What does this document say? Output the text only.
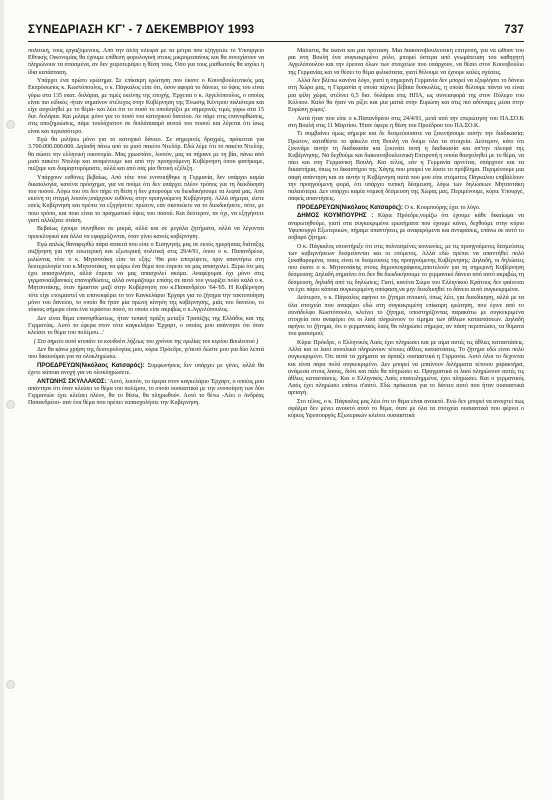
ΣΥΝΕΔΡΙΑΣΗ ΚΓ' - 7 ΔΕΚΕΜΒΡΙΟΥ 1993	737

πολιτική, τους εργαζόμενους. Από την άλλη πλευρά με τα μέτρα που εξήγγειλε το Υπουργείο Εθνικής Οικονομίας θα έχουμε επίθεση φορολογική στους μικρομεσαίους και θα συνεχίσουν να πληρώνουν τα σπασμένα, αν δεν χειροτερέψει η θέση τους. Όσο για τους μισθωτούς θα ισχύει η ίδια κατάσταση.

Υπάρχει ένα πρώτο ερώτημα. Σε επίκαιρη ερώτηση που έκανε ο Κοινοβουλευτικός μας Εκπρόσωπος κ. Κωστόπουλος, ο κ. Πάγκαλος είπε ότι, όσον αφορά το δάνειο, το ύψος του είναι γύρω στα 135 εκατ. δολάρια, με τιμές εκείνης της εποχής. Έρχεται ο κ. Αγγελόπουλος, ο οποίος είναι πιο ειδικός -ήταν σημαίνον στέλεχος στην Κυβέρνηση της Ένωσης Κέντρου παλιότερα και είχε ασχοληθεί με το θέμα- και λέει ότι το ποσό το υπολογίζει με σημερινές τιμές γύρω στα 15 δισ. δολάρια. Και μιλάμε μόνο για το ποσό του κατοχικού δανείου. Αν πάμε στις επανορθώσεις, στις αποζημιώσεις, πάμε τουλάχιστον σε διπλάσιασμό αυτού του ποσού και λέγεται ότι ίσως είναι και περισσότερο.

Εγώ θα μιλήσω μόνο για το κατοχικό δάνειο. Σε σημερινές δραχμές, πρόκειται για 3.700.000.000.000. Δηλαδή πάνω από το μισό πακέτο Ντελόρ. Εδώ λέμε ότι το πακέτο Ντελόρ, θα σώσει την ελληνική οικονομία. Μας χρωστάνε, λοιπόν, μας τα πήρανε με τη βία, πάνω από μισό πακέτο Ντελόρ και αναμένουμε και από την προηγούμενη Κυβέρνηση όπου φανήκαμε, πιέζαμε και διαμαρτυρόμαστε, αλλά και από σας μία θετική εξέλιξη.

Υπάρχουν ευθύνες βεβαίως. Από τότε που ενοποιήθηκε η Γερμανία, δεν υπάρχει καμία δικαιολογία, κανένα πρόσχημα, για να πούμε ότι δεν υπάρχει πλέον τρόπος για τη διεκδίκηση του ποσού. Λόγω του ότι δεν πήρε τη θέση η δεν μπορούμε να διεκδικήσουμε τα λεφτά μας. Από εκείνη τη στιγμή λοιπόν,υπάρχουν ευθύνες στην προηγούμενη Κυβέρνηση. Αλλά σήμερα, είστε εσείς Κυβέρνηση και πρέπει να εξηγήσετε: πρώτον, εάν σκοπεύετε να το διεκδικήσετε, πότε, με ποιο τρόπο, και ποιο είναι το πραγματικό ύψος του ποσού. Και δεύτερον, αν όχι, να εξηγήσετε γιατί αλλάξατε στάση.

Βεβαίως έχουμε συνηθίσει σε μικρά, αλλά και σε μεγάλα ζητήματα, αλλά να λέγονται προεκλογικά και άλλα να εφαρμόζονται, όταν γίνει κανείς κυβέρνηση.

Εγώ απλώς θαναφερθώ πάρα ατακτά που είπε ο Εισηγητής μας σε εκτός ημερήσιας διάταξης συζήτηση για την εσωτερική και εξωτερική πολιτική στις 29/4/91, όπου ο κ. Παπανδρέου, μιλώντας τότε ο κ. Μητσοτάκη είπε τα εξής: 'Θα μου επιτρέψετε, πριν απαντήσω στη δευτερολογία του κ.Μητσοτάκη, να φέρω ένα θέμα που έπρεπε να μας απασχολεί. Ξέρω ότι μας έχει απασχολήσει, αλλά έπρεπε να μας απασχολεί ακόμα. Αναφέρομαι όχι μόνο στις γερμανοαλβανικές επανορθώσεις, αλλά ονομάζουμε επίσης σε αυτό του γνωρίζει πολύ καλά ο κ. Μητσοτάκης, όταν ήμασταν μαζί στην Κυβέρνηση του κ.Παπανδρέου '64-'65. Η Κυβέρνηση τότε είχε ετοιμαστεί να επανεκφέρει το τον Κανκελάριο Έρχαρτ για το ζήτημα την τακτοποίηση μόνο του δανείου, το οποίο θα ήταν μία πρώτη κίνηση της κυβέρνησης, μιάς του δανείου, το τόκους σήμερα είναι ένα τεράστιο ποσό, το οποίο είπε ακριβώς ο κ.Αγγελόπουλος.

Δεν είναι θέμα επανορθώσεως, ήταν τυπική πράξη μεταξύ Τραπέζης της Ελλάδος και της Γερμανίας. Αυτό το έφερα στον τότε καγκελάριο 'Ερχαρτ, ο οποίος μου απάντησε ότι όταν κλείσει το θέμα του πολέμου...'

( Στο σημείο αυτό κτυπάει το κουδούνι λήξεως του χρόνου της ομιλίας του κυρίου Βουλευτού )

Δεν θα κάνω χρήση της δευτερολογίας μου, κύριε Πρόεδρε, γι'αυτό δώστε μου για δύο λεπτά που δικαιούμαι για να ολοκληρώσω.

ΠΡΟΕΔΡΕΥΩΝ(Νικόλαος Κατσαρός): Συμφωνήσεις δεν υπάρχει με γένει, αλλά θα έχετε κάποια ανοχή για να ολοκληρώσετε.

ΑΝΤΩΝΗΣ ΣΚΥΛΛΑΚΟΣ: 'Αυτό, λοιπόν, το έφερα στον καγκελάριο 'Ερχαρτ, ο οποίος μου απάντησε ότι όταν κλείσει το θέμα του πολέμου, το οποίο ουσιαστικά με την ενοποίηση των δύο Γερμανιών έχει κλείσει πλέον, θα το θέσω, θα πληρωθούν. Αυτό το θέτω -Λέει ο Ανδρέας Παπανδρέου- σαν ένα θέμα που πρέπει ναπασχολήσει την Κυβέρνηση.

Μάλιστα, θα έκανα και μια πρόταση. Μια διακοινοβουλευτική επιτροπή, για να ώθουν του ραι στη Βουλή ένα συγκεκριμένο ρόλο, μπορεί ύστερα από γνωμάτευση του καθηγητή Αγγελόπουλου και την έρευνα όλων των στοιχείων που υπάρχουν, να θέσει στον Κοινοβούλιο της Γερμανίας και να θέσει το θέμα φιλικότατα, γιατί θέλουμε να έχουμε καλές σχέσεις.

Αλλά δεν βλέπω κανένα λόγο, γιατί η σημερινή Γερμανία δεν μπορεί να εξοφλήσει το δάνειο στη Χώρα μας, η Γερμανία η οποία πέρνει βέβαια δυσκολίες, η οποία θέλουμε πάντα να είναι μια φίλη χώρα, στέλνει 6,5 δισ. δολάρια στις ΗΠΑ, ως συνεισφορά της στον Πόλεμο του Κόλπου. Καλό θα ήταν να ρίξει και μια ματιά στην Ευρώπη και στις πιο αδύναμες μέσα στην Ευρώπη χώρες'.

Αυτά ήταν που είπε ο κ.Παπανδρέου στις 24/4/91, μετά από την επερώτηση του ΠΑ.ΣΟ.Κ στη Βουλή στις 11 Μαρτίου. Ήταν όφερε η θέση του Προέδρου του ΠΑ.ΣΟ.Κ.

Τι συμβαίνει όμως σήμερα και δε δεσμεύουσατε να ξεκινήσουμε αυτήν την διαδικασία; Πρώτον, καταθέστε το φάκελο στη Βουλή να δούμε όλα τα στοιχεία. Δεύτερον, κάτε ότι ξεκινάμε αυτήν τη διαδικασία και ξεκινάει αυτή η διαδικασία και απ'την πλευρά της Κυβέρνησης. Να δεχθούμε και διακοινοβουλευτική Επιτροπή η οποία θασχοληθεί με το θέμα, να πάει και στη Γερμανική Βουλή. Και τέλος, εάν η Γερμανία αρνείται, υπάρχουν και τα δικαστήρια, όπως το δικαστήριο της Χάγης που μπορεί να λύσει το πρόβλημα. Περιμένουμε μια σαφή απάντηση και σε αυτήν η Κυβέρνηση αυτά που μου είπε στόματος Πάγκαλου επιβάλλουν την προηγούμενη φορά, ότι υπάρχει τυπική δέσμευση, λόγω των δηλώσεων Μητσοτάκη παλαιότερα. Δεν υπάρχει καμία νομική δέσμευση της Χώρας μας. Περιμένουμε, κύριε Υπουργέ, σαφείς απαντήσεις.

ΠΡΟΕΔΡΕΥΩΝ(Νικόλαος Κατσαρός): Ο κ. Κουμπούρης έχει το λόγο.

ΔΗΜΟΣ ΚΟΥΜΠΟΥΡΗΣ : Κύριε Πρόεδρε,νομίζω ότι έχουμε κάθε δικαίωμα να αναρωτηθούμε, γιατί στα συγκεκριμένα ερωτήματα που έχουμε κάνει, δεχθούμε στην κύριο Υφυπουργό Εξωτερικών, πήραμε απαντήσεις με αναφερόμενα και αντιφάσεις, επάνω σε αυτό το σοβαρό ζήτημα.

Ο κ. Πάγκαλος υποστήριξε ότι στις πολιτισμένες κοινωνίες, με τις προηγούμενες δεσμεύσεις των κυβερνήσεων δεσμεύονται και οι επόμενες. Αλλά εδώ πρέπει να απαντήθεί πολύ ξεκαθαρομένα, ποιες είναι οι δεσμεύσεις της προηγούμενης Κυβέρνησης: Δηλαδή, οι δηλώσεις που έκανε ο κ. Μητσοτάκης στους δημοσιογράφους,αποτελούν για τη σημερινή Κυβέρνηση δέσμευση; Δηλαδή σημαίνει ότι δεν θα διεκδικήσουμε το γερμανικό δάνειο από αυτό ακριβώς τη δέσμευση, δηλαδή από τις δηλώσεις; Γιατί, κανένα Σώμα του Ελληνικού Κράτους δεν φαίνεται να έχει πάρει κάποια συγκεκριμένη απόφαση,να μην διεκδικηθεί το δάνειο αυτό συγκεκριμένα.

Δεύτερον, ο κ. Πάγκαλος αφήνει το ζήτημα ανοικτό, όπως λέει, για διεκδίκηση, αλλά με τα όλα στοιχεία που αναφέρει εδώ στη συγκεκριμένη επίκαιρη ερώτηση, που έγινε από το συνάδελφο Κωστόπουλο, κλείνει το ζήτημα, υποστηρίζοντας παρακάτω με συγκεκριμένα στοιχεία που αναφέρει ότι οι λαοί πληρώνουν το τίμημα των άθλιων καταστάσεων. Δηλαδή αφήνει το ζήτημα, ότι ο γερμανικός λαός θα πληρώσει σήμερα, αν πάση περιπτώσει, τα θύματα του φασισμού;

Κύριε Πρόεδρε, ο Ελληνικός Λαός έχει πληρώσει και με αίμα αυτές τις άθλιες καταστάσεις. Αλλά και οι λαοί συνολικά πληρώνουν τέτοιες άθλιες καταστάσεις. Το ζήτημα εδώ είναι πολύ συγκεκριμένο. Ότι αυτά τα χρήματα τα άρπαξε ουσιαστικά η Γερμανία. Αυτό όλοι το δέχονται και είναι πάρα πολύ συγκεκριμένο. Δεν μπορεί να μπαίνουν διλήμματα τέτοιου χαρακτήρα, ανάμεσα στους λαούς, διότι και πάλι θα πληρώσει κι. Πραγματικά οι λαοί πληρώνουν αυτές τις άθλιες καταστάσεις. Και ο Ελληνικός Λαός επανειλημμένα, έχει πληρώσει. Και ο γερμανικός Λαός έχει πληρώσει επάνω σ'αυτό. Εδώ πρόκειται για το δάνειο αυτό που ήταν ουσιαστικά αρπαγή.

Στο τέλος, ο κ. Πάγκαλος μας λέει ότι το θέμα είναι ανοικτό. Ενώ δεν μπορεί να ανοιχτεί πως σφάλμα δεν μένει ανοικτό αυτό το θέμα, όταν με όλα τα στοιχεία ουσιαστικά που φέρνει ο κύριος Υφυπουργός Εξωτερικών κλείνει ουσιαστικά
